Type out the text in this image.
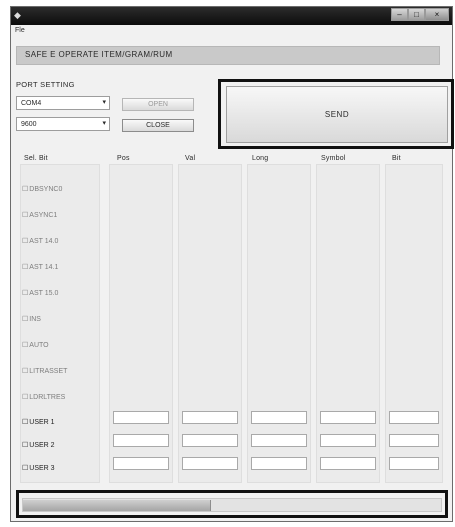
◆	–	□	×
Fle
SAFE E OPERATE ITEM/GRAM/RUM
PORT SETTING
COM4	▾
9600	▾
OPEN
CLOSE
SEND
Sel. Bit	Pos	Val	Long	Symbol	Bit
☐DBSYNC0
☐ASYNC1
☐AST 14.0
☐AST 14.1
☐AST 15.0
☐INS
☐AUTO
☐LITRASSET
☐LDRLTRES
☐USER 1
☐USER 2
☐USER 3
